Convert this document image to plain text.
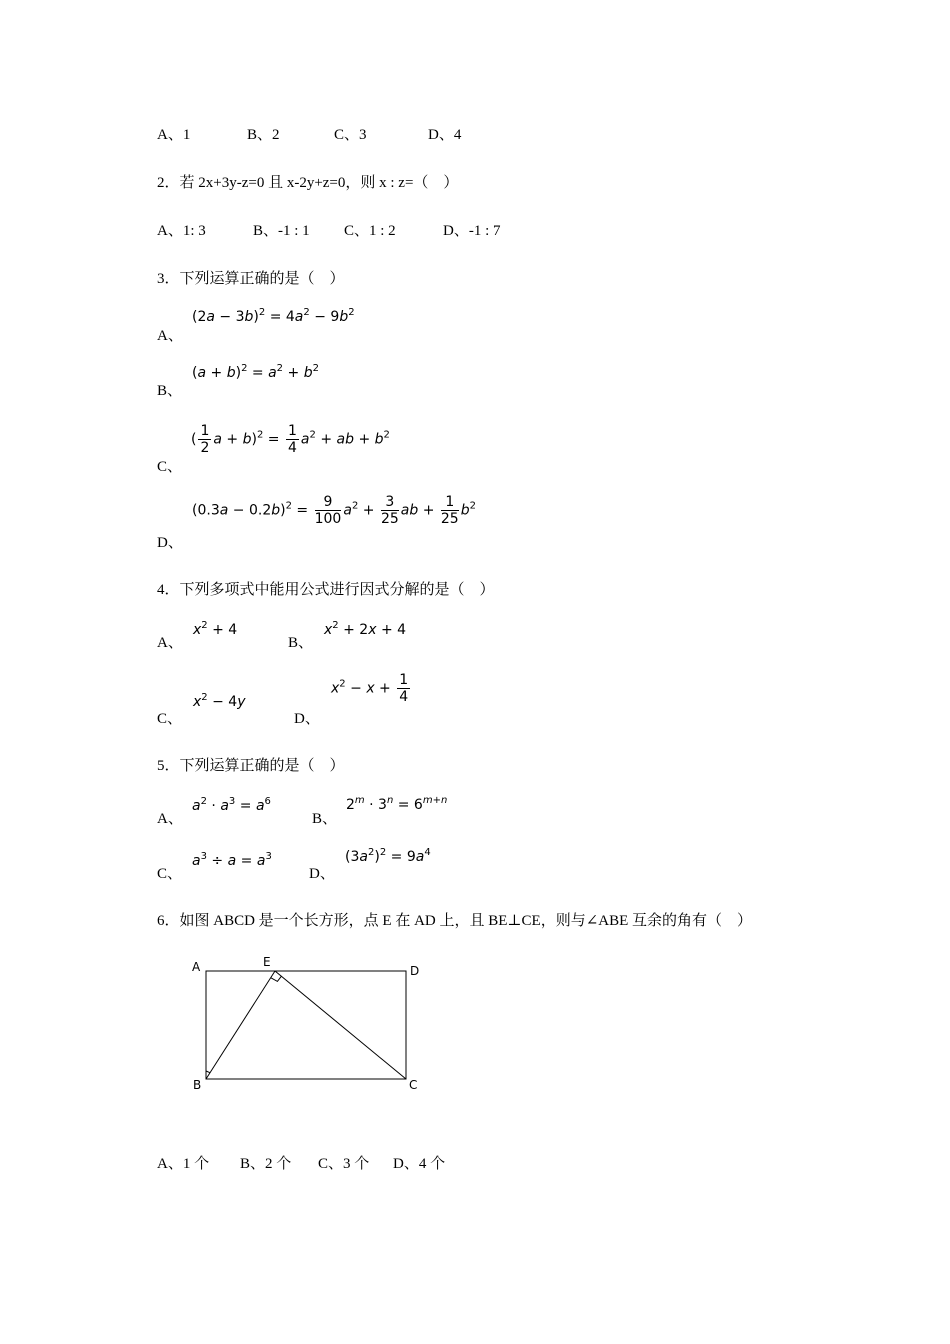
A、1	B、2	C、3	D、4
2．若 2x+3y-z=0 且 x-2y+z=0，则 x : z=（　）
A、1: 3	B、-1 : 1 C、1 : 2	D、-1 : 7
3．下列运算正确的是（　）
A、
$(2a - 3b)^2 = 4a^2 - 9b^2$
B、
$(a + b)^2 = a^2 + b^2$
C、
( $\frac{1}{2}$ $a + b)^2 = \frac{1}{4} a^2$ + ab + $b^2$
D、
$(0.3a - 0.2b)^2 = \frac{9}{100} a^2 + \frac{3}{25}$ ab + $\frac{1}{25} b^2$
4．下列多项式中能用公式进行因式分解的是（　）
A、
$x^2 + 4$
B、
$x^2 + 2x + 4$
C、
$x^2 - 4y$
D、
$x^2 - x + \frac{1}{4}$
5．下列运算正确的是（　）
A、
$a^2 \cdot a^3 = a^6$
B、
$2^m \cdot 3^n = 6^{m+n}$
C、
$a^3 \div a = a^3$
D、
$(3a^2)^2 = 9a^4$
6．如图 ABCD 是一个长方形，点 E 在 AD 上，且 BE⊥CE，则与∠ABE 互余的角有（　）
A	E
D
B	C
A、1 个 B、2 个 C、3 个 D、4 个
